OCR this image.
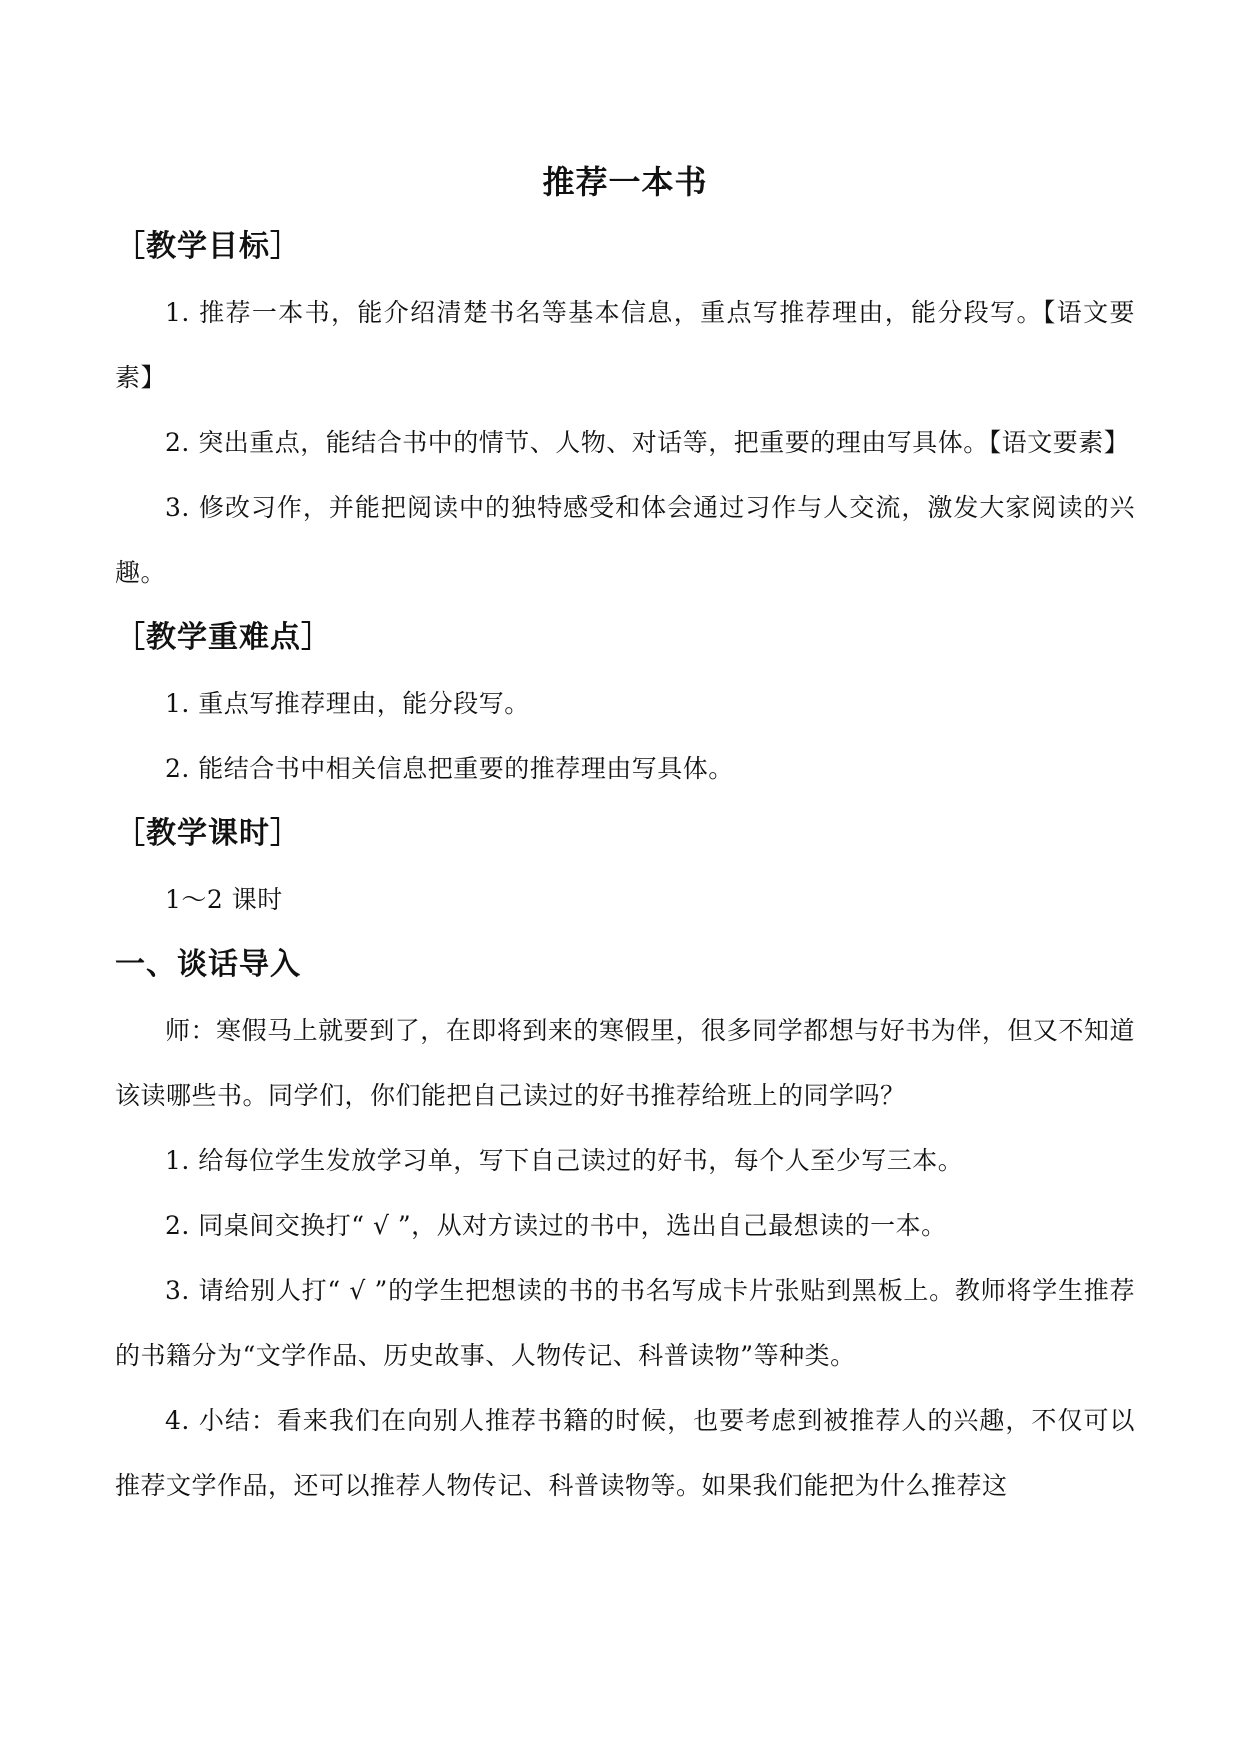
推荐一本书
［教学目标］

1. 推荐一本书，能介绍清楚书名等基本信息，重点写推荐理由，能分段写。【语文要素】

2. 突出重点，能结合书中的情节、人物、对话等，把重要的理由写具体。【语文要素】

3. 修改习作，并能把阅读中的独特感受和体会通过习作与人交流，激发大家阅读的兴趣。

［教学重难点］

1. 重点写推荐理由，能分段写。

2. 能结合书中相关信息把重要的推荐理由写具体。

［教学课时］

1～2 课时

一、谈话导入

师：寒假马上就要到了，在即将到来的寒假里，很多同学都想与好书为伴，但又不知道该读哪些书。同学们，你们能把自己读过的好书推荐给班上的同学吗？

1. 给每位学生发放学习单，写下自己读过的好书，每个人至少写三本。

2. 同桌间交换打“ √ ”，从对方读过的书中，选出自己最想读的一本。

3. 请给别人打“ √ ”的学生把想读的书的书名写成卡片张贴到黑板上。教师将学生推荐的书籍分为“文学作品、历史故事、人物传记、科普读物”等种类。

4. 小结：看来我们在向别人推荐书籍的时候，也要考虑到被推荐人的兴趣，不仅可以推荐文学作品，还可以推荐人物传记、科普读物等。如果我们能把为什么推荐这
